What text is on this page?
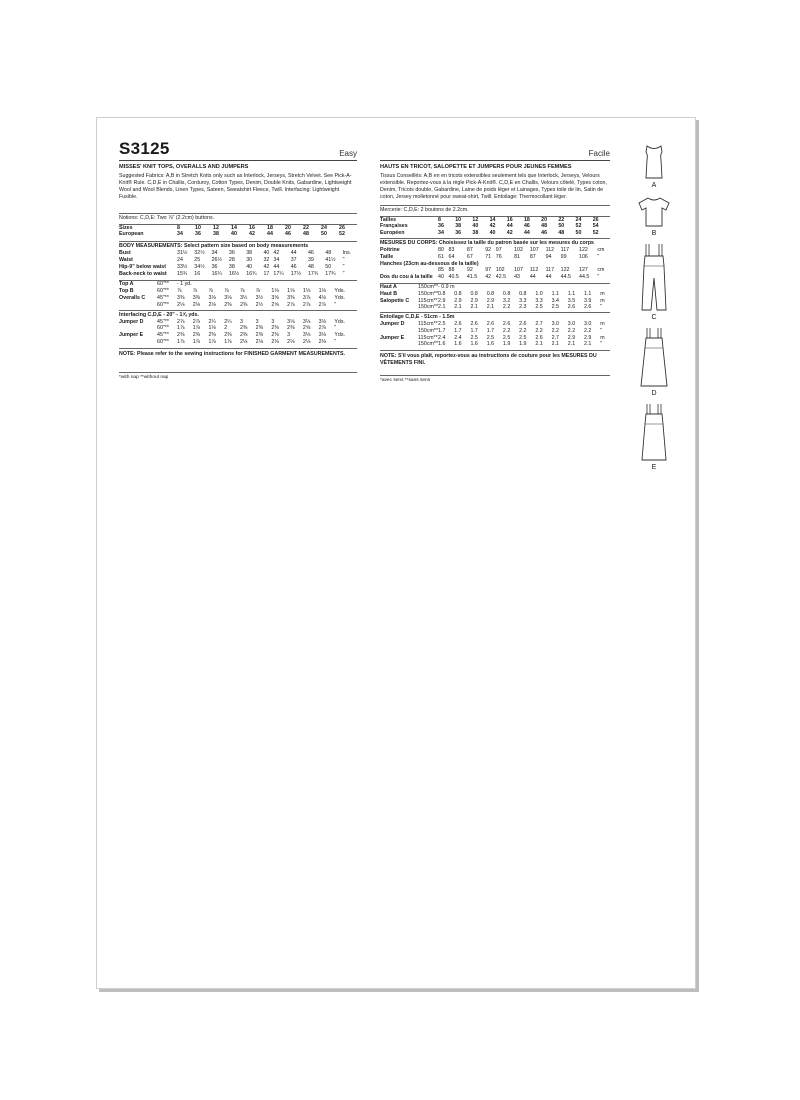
S3125	Easy
MISSES' KNIT TOPS, OVERALLS AND JUMPERS

Suggested Fabrics: A,B in Stretch Knits only such as Interlock, Jerseys, Stretch Velvet. See Pick-A-Knit® Rule. C,D,E in Challis, Corduroy, Cotton Types, Denim, Double Knits, Gabardine, Lightweight Wool and Wool Blends, Linen Types, Sateen, Sweatshirt Fleece, Twill. Interfacing: Lightweight Fusible.

Notions: C,D,E: Two ⅞" (2.2cm) buttons.
Sizes	8	10	12	14	16	18	20	22	24	26	
European	34	36	38	40	42	44	46	48	50	52	
BODY MEASUREMENTS: Select pattern size based on body measurements
Bust	31½	32½	34	36	38	40	42	44	46	48	Ins.
Waist	24	25	26½	28	30	32	34	37	39	41½	"
Hip-9" below waist	33½	34½	36	38	40	42	44	46	48	50	"
Back-neck to waist	15¾	16	16¼	16½	16¾	17	17¼	17½	17¾	17¾	"
Top A	60"**	- 1 yd.										
Top B	60"**	⅞	⅞	⅞	⅞	⅞	⅞	1⅛	1⅛	1⅛	1⅛	Yds.
Overalls C	45"**	3⅜	3⅜	3⅛	3⅛	3½	3½	3⅝	3⅜	3⅞	4⅛	Yds.
	60"**	2⅛	2⅛	2⅛	2⅜	2⅜	2½	2⅝	2⅞	2⅞	2⅞	"
Interfacing C,D,E - 20" - 1⅝ yds.
Jumper D	45"**	2⅞	2⅞	2¼	2¼	3	3	3	3⅛	3⅛	3⅛	Yds.
	60"**	1⅞	1⅞	1⅛	2	2⅜	2⅜	2⅜	2⅜	2⅝	2⅞	"
Jumper E	45"**	2⅜	2⅜	2⅜	2⅜	2⅜	2⅜	2⅜	3	3⅛	3⅛	Yds.
	60"**	1⅞	1⅞	1⅞	1⅞	2⅛	2⅛	2⅛	2⅛	2⅛	2⅛	"
NOTE: Please refer to the sewing instructions for FINISHED GARMENT MEASUREMENTS.
*with nap **without nap
Facile
HAUTS EN TRICOT, SALOPETTE ET JUMPERS POUR JEUNES FEMMES

Tissus Conseillés: A,B en en tricots extensibles seulement tels que Interlock, Jerseys, Velours extensible. Reportez-vous à la règle Pick-A-Knit®. C,D,E en Challis, Velours côtelé, Types coton, Denim, Tricots double, Gabardine, Laine de poids léger et Lainages, Types toile de lin, Satin de coton, Jersey molletonné pour sweat-shirt, Twill. Entoilage: Thermocollant léger.

Mercerie: C,D,E: 2 boutons de 2.2cm.
Tailles	8	10	12	14	16	18	20	22	24	26	
Françaises	36	38	40	42	44	46	48	50	52	54	
Européen	34	36	38	40	42	44	46	48	50	52	
MESURES DU CORPS: Choisissez la taille du patron basée sur les mesures du corps
Poitrine	80	83	87	92	97	102	107	112	117	122	cm
Taille	61	64	67	71	76	81	87	94	99	106	"
Hanches (23cm au-dessous de la taille)											
	85	88	92	97	102	107	112	117	122	127	cm
Dos du cou à la taille	40	40.5	41.5	42	42.5	43	44	44	44.5	44.5	"
Haut A	150cm**	- 0.9 m										
Haut B	150cm**	0.8	0.8	0.8	0.8	0.8	0.8	1.0	1.1	1.1	1.1	m
Salopette C	115cm**	2.9	2.9	2.9	2.9	3.2	3.3	3.3	3.4	3.5	3.9	m
	150cm**	2.1	2.1	2.1	2.1	2.2	2.3	2.5	2.5	2.6	2.6	"
Entoilage C,D,E - 51cm - 1.5m
Jumper D	115cm**	2.5	2.6	2.6	2.6	2.6	2.6	2.7	3.0	3.0	3.0	m
	150cm**	1.7	1.7	1.7	1.7	2.2	2.2	2.2	2.2	2.2	2.2	"
Jumper E	115cm**	2.4	2.4	2.5	2.5	2.5	2.5	2.6	2.7	2.9	2.9	m
	150cm**	1.6	1.6	1.6	1.6	1.9	1.9	2.1	2.1	2.1	2.1	"
NOTE: S'il vous plaît, reportez-vous au instructions de couture pour les MESURES DU VÊTEMENTS FINI.
*avec sens **sans sens
A
B
C
D
E
